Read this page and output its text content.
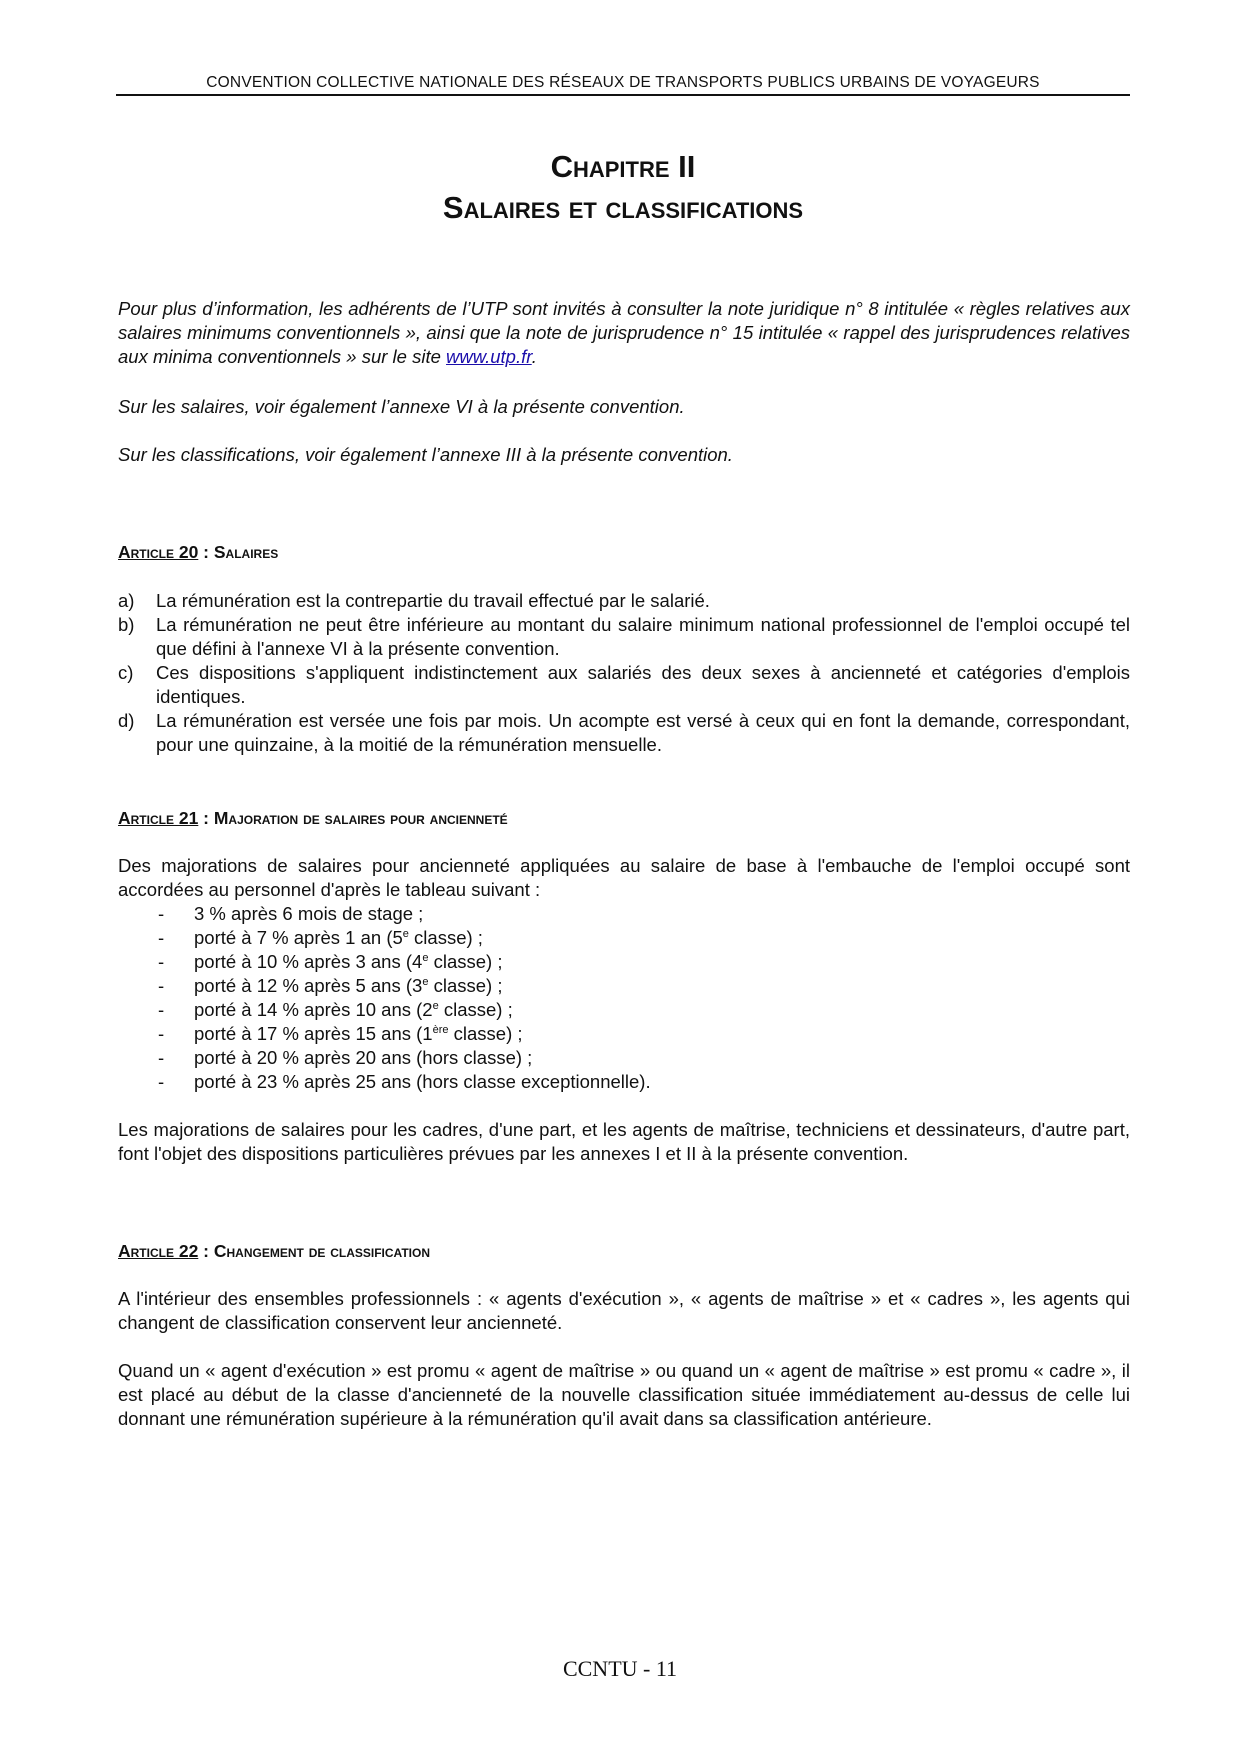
CONVENTION COLLECTIVE NATIONALE DES RÉSEAUX DE TRANSPORTS PUBLICS URBAINS DE VOYAGEURS
Chapitre II
Salaires et classifications
Pour plus d’information, les adhérents de l’UTP sont invités à consulter la note juridique n° 8 intitulée « règles relatives aux salaires minimums conventionnels », ainsi que la note de jurisprudence n° 15 intitulée « rappel des jurisprudences relatives aux minima conventionnels » sur le site www.utp.fr.
Sur les salaires, voir également l’annexe VI à la présente convention.
Sur les classifications, voir également l’annexe III à la présente convention.
Article 20 : Salaires
a) La rémunération est la contrepartie du travail effectué par le salarié.
b) La rémunération ne peut être inférieure au montant du salaire minimum national professionnel de l'emploi occupé tel que défini à l'annexe VI à la présente convention.
c) Ces dispositions s'appliquent indistinctement aux salariés des deux sexes à ancienneté et catégories d'emplois identiques.
d) La rémunération est versée une fois par mois. Un acompte est versé à ceux qui en font la demande, correspondant, pour une quinzaine, à la moitié de la rémunération mensuelle.
Article 21 : Majoration de salaires pour ancienneté
Des majorations de salaires pour ancienneté appliquées au salaire de base à l'embauche de l'emploi occupé sont accordées au personnel d'après le tableau suivant :
- 3 % après 6 mois de stage ;
- porté à 7 % après 1 an (5e classe) ;
- porté à 10 % après 3 ans (4e classe) ;
- porté à 12 % après 5 ans (3e classe) ;
- porté à 14 % après 10 ans (2e classe) ;
- porté à 17 % après 15 ans (1ère classe) ;
- porté à 20 % après 20 ans (hors classe) ;
- porté à 23 % après 25 ans (hors classe exceptionnelle).
Les majorations de salaires pour les cadres, d'une part, et les agents de maîtrise, techniciens et dessinateurs, d'autre part, font l'objet des dispositions particulières prévues par les annexes I et II à la présente convention.
Article 22 : Changement de classification
A l'intérieur des ensembles professionnels : « agents d'exécution », « agents de maîtrise » et « cadres », les agents qui changent de classification conservent leur ancienneté.
Quand un « agent d'exécution » est promu « agent de maîtrise » ou quand un « agent de maîtrise » est promu « cadre », il est placé au début de la classe d'ancienneté de la nouvelle classification située immédiatement au-dessus de celle lui donnant une rémunération supérieure à la rémunération qu'il avait dans sa classification antérieure.
CCNTU - 11
